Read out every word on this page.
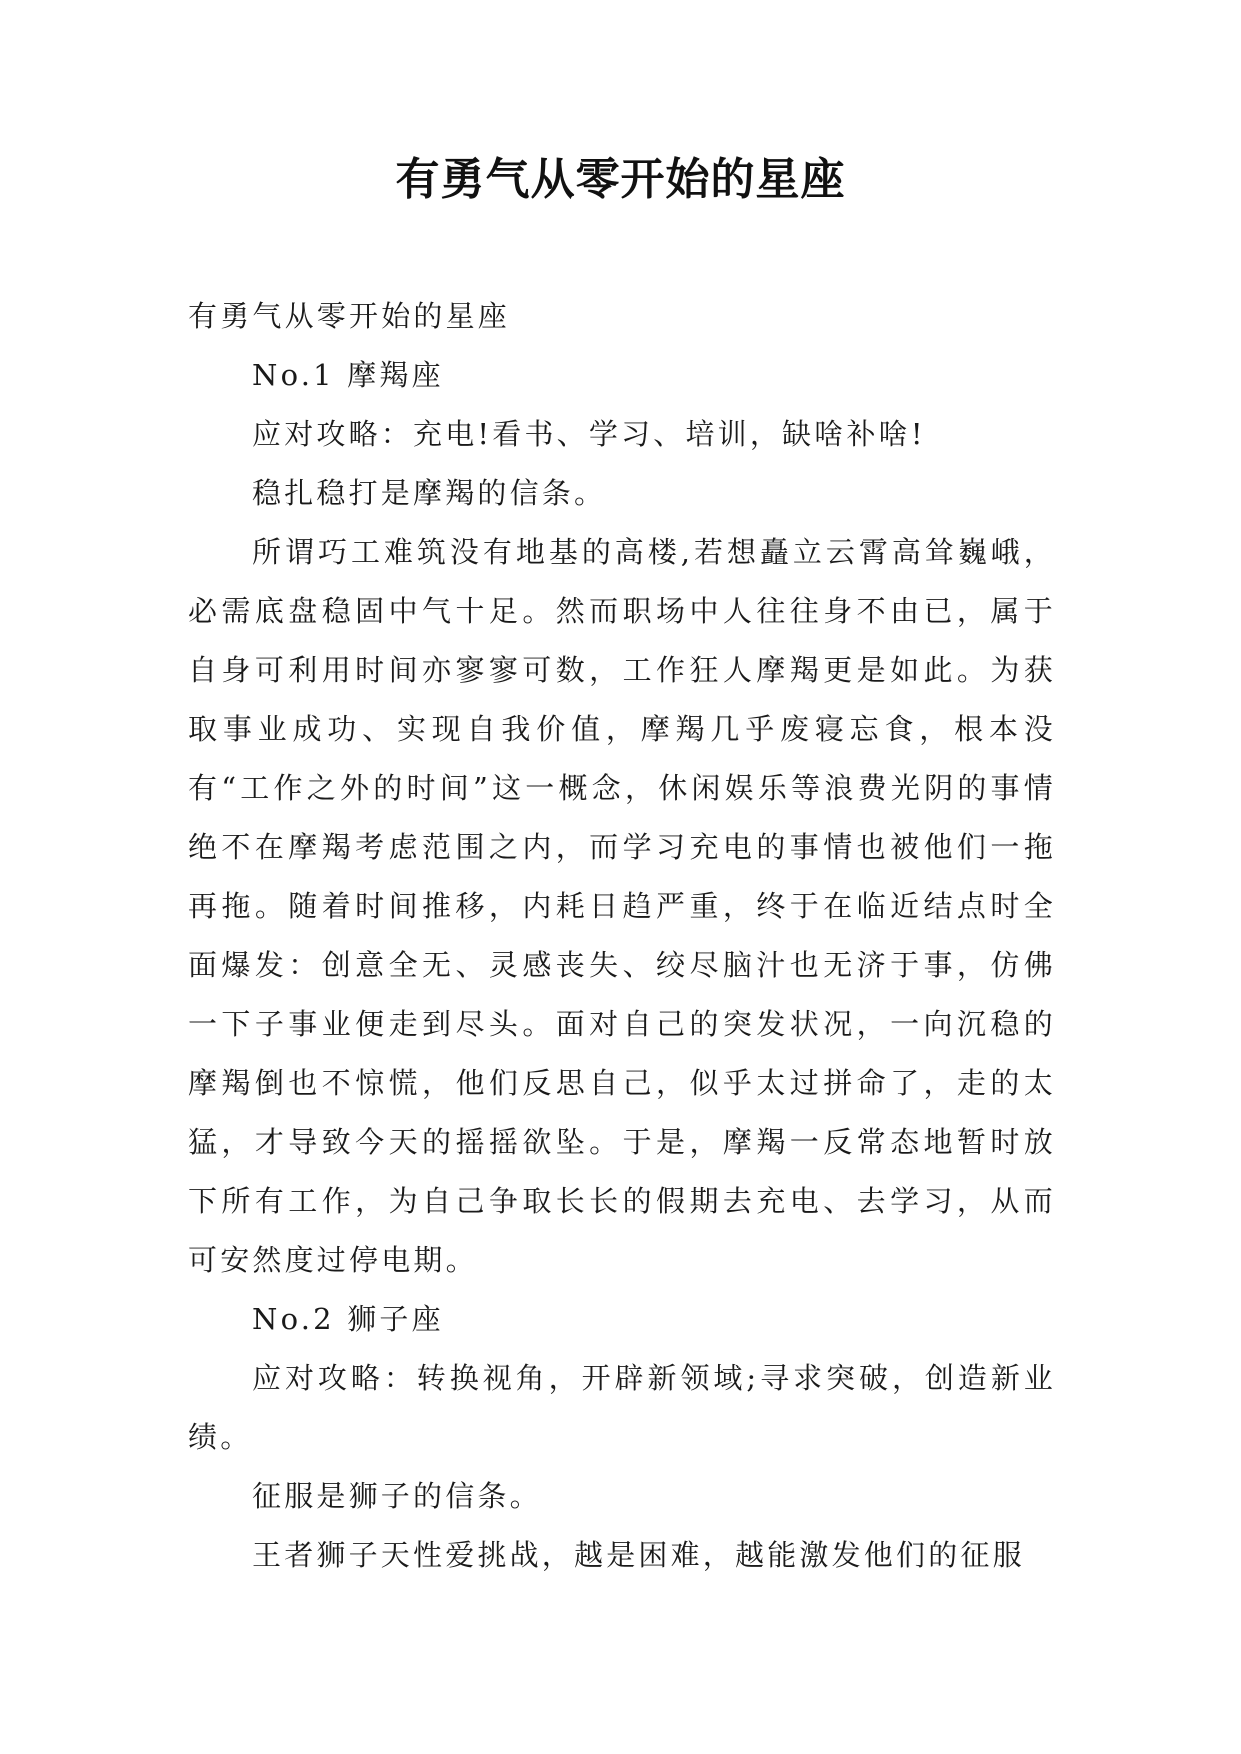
有勇气从零开始的星座

有勇气从零开始的星座

No.1 摩羯座

应对攻略：充电!看书、学习、培训，缺啥补啥!

稳扎稳打是摩羯的信条。

所谓巧工难筑没有地基的高楼,若想矗立云霄高耸巍峨，必需底盘稳固中气十足。然而职场中人往往身不由已，属于自身可利用时间亦寥寥可数，工作狂人摩羯更是如此。为获取事业成功、实现自我价值，摩羯几乎废寝忘食，根本没有“工作之外的时间”这一概念，休闲娱乐等浪费光阴的事情绝不在摩羯考虑范围之内，而学习充电的事情也被他们一拖再拖。随着时间推移，内耗日趋严重，终于在临近结点时全面爆发：创意全无、灵感丧失、绞尽脑汁也无济于事，仿佛一下子事业便走到尽头。面对自己的突发状况，一向沉稳的摩羯倒也不惊慌，他们反思自己，似乎太过拼命了，走的太猛，才导致今天的摇摇欲坠。于是，摩羯一反常态地暂时放下所有工作，为自己争取长长的假期去充电、去学习，从而可安然度过停电期。

No.2 狮子座

应对攻略：转换视角，开辟新领域;寻求突破，创造新业绩。

征服是狮子的信条。

王者狮子天性爱挑战，越是困难，越能激发他们的征服
